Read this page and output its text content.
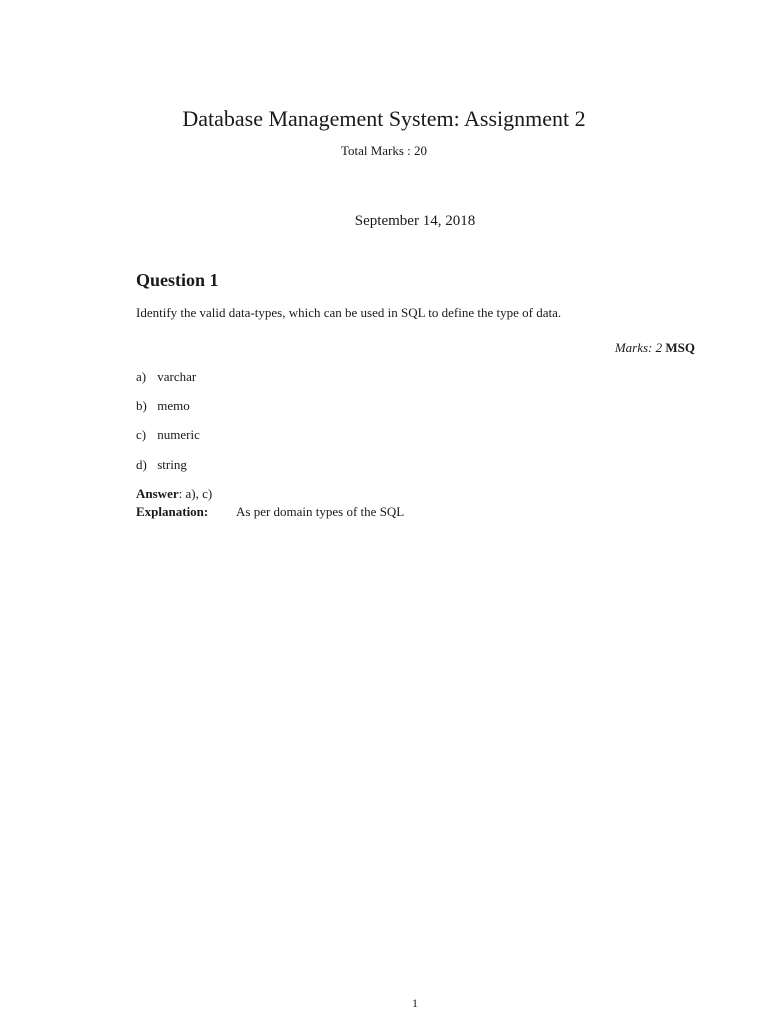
Database Management System: Assignment 2
Total Marks : 20
September 14, 2018
Question 1
Identify the valid data-types, which can be used in SQL to define the type of data.
Marks: 2 MSQ
a) varchar
b) memo
c) numeric
d) string
Answer: a), c)
Explanation: As per domain types of the SQL
1
